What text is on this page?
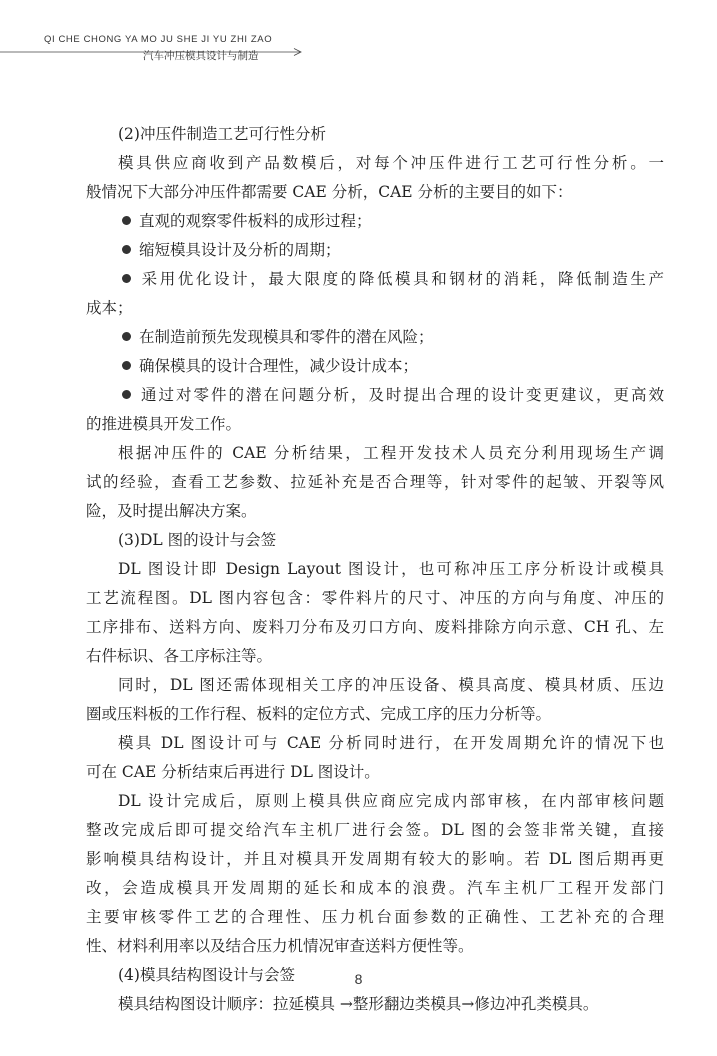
QI CHE CHONG YA MO JU SHE JI YU ZHI ZAO
汽车冲压模具设计与制造
(2)冲压件制造工艺可行性分析
模具供应商收到产品数模后，对每个冲压件进行工艺可行性分析。一
般情况下大部分冲压件都需要 CAE 分析，CAE 分析的主要目的如下：
直观的观察零件板料的成形过程；
缩短模具设计及分析的周期；
采用优化设计，最大限度的降低模具和钢材的消耗，降低制造生产
成本；
在制造前预先发现模具和零件的潜在风险；
确保模具的设计合理性，减少设计成本；
通过对零件的潜在问题分析，及时提出合理的设计变更建议，更高效
的推进模具开发工作。
根据冲压件的 CAE 分析结果，工程开发技术人员充分利用现场生产调
试的经验，查看工艺参数、拉延补充是否合理等，针对零件的起皱、开裂等风
险，及时提出解决方案。
(3)DL 图的设计与会签
DL 图设计即 Design Layout 图设计，也可称冲压工序分析设计或模具
工艺流程图。DL 图内容包含：零件料片的尺寸、冲压的方向与角度、冲压的
工序排布、送料方向、废料刀分布及刃口方向、废料排除方向示意、CH 孔、左
右件标识、各工序标注等。
同时，DL 图还需体现相关工序的冲压设备、模具高度、模具材质、压边
圈或压料板的工作行程、板料的定位方式、完成工序的压力分析等。
模具 DL 图设计可与 CAE 分析同时进行，在开发周期允许的情况下也
可在 CAE 分析结束后再进行 DL 图设计。
DL 设计完成后，原则上模具供应商应完成内部审核，在内部审核问题
整改完成后即可提交给汽车主机厂进行会签。DL 图的会签非常关键，直接
影响模具结构设计，并且对模具开发周期有较大的影响。若 DL 图后期再更
改，会造成模具开发周期的延长和成本的浪费。汽车主机厂工程开发部门
主要审核零件工艺的合理性、压力机台面参数的正确性、工艺补充的合理
性、材料利用率以及结合压力机情况审查送料方便性等。
(4)模具结构图设计与会签
模具结构图设计顺序：拉延模具 →整形翻边类模具→修边冲孔类模具。
8
